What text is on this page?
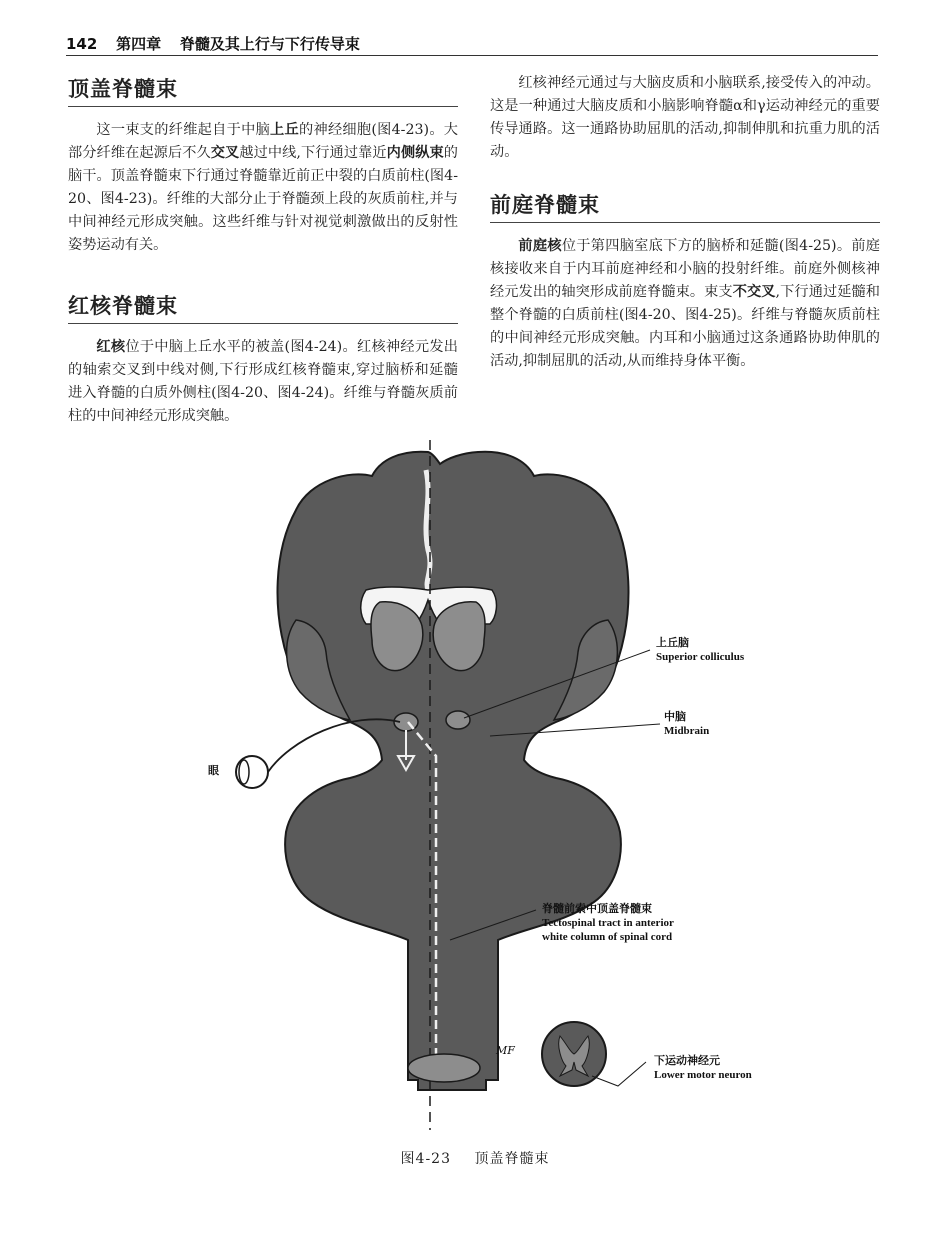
142 第四章 脊髓及其上行与下行传导束
顶盖脊髓束

这一束支的纤维起自于中脑上丘的神经细胞(图4-23)。大部分纤维在起源后不久交叉越过中线,下行通过靠近内侧纵束的脑干。顶盖脊髓束下行通过脊髓靠近前正中裂的白质前柱(图4-20、图4-23)。纤维的大部分止于脊髓颈上段的灰质前柱,并与中间神经元形成突触。这些纤维与针对视觉刺激做出的反射性姿势运动有关。

红核脊髓束

红核位于中脑上丘水平的被盖(图4-24)。红核神经元发出的轴索交叉到中线对侧,下行形成红核脊髓束,穿过脑桥和延髓进入脊髓的白质外侧柱(图4-20、图4-24)。纤维与脊髓灰质前柱的中间神经元形成突触。

红核神经元通过与大脑皮质和小脑联系,接受传入的冲动。这是一种通过大脑皮质和小脑影响脊髓α和γ运动神经元的重要传导通路。这一通路协助屈肌的活动,抑制伸肌和抗重力肌的活动。

前庭脊髓束

前庭核位于第四脑室底下方的脑桥和延髓(图4-25)。前庭核接收来自于内耳前庭神经和小脑的投射纤维。前庭外侧核神经元发出的轴突形成前庭脊髓束。束支不交叉,下行通过延髓和整个脊髓的白质前柱(图4-20、图4-25)。纤维与脊髓灰质前柱的中间神经元形成突触。内耳和小脑通过这条通路协助伸肌的活动,抑制屈肌的活动,从而维持身体平衡。

上丘脑
Superior colliculus
中脑
Midbrain
眼
脊髓前索中顶盖脊髓束
Tectospinal tract in anterior
white column of spinal cord
下运动神经元
Lower motor neuron
MF
图4-23 顶盖脊髓束
